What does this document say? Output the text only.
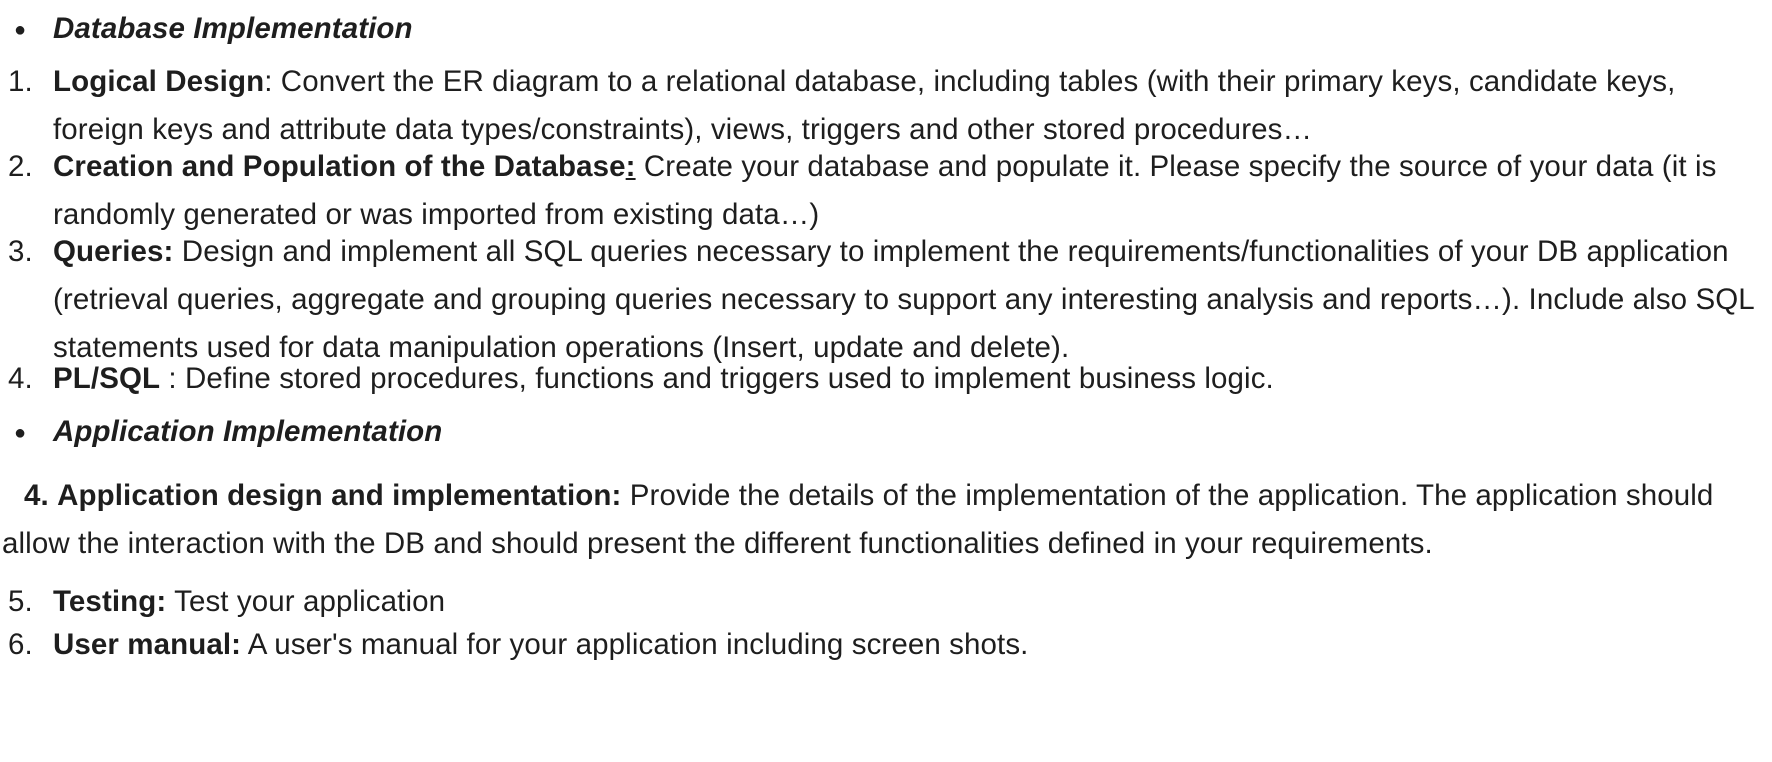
● Database Implementation
1. Logical Design: Convert the ER diagram to a relational database, including tables (with their primary keys, candidate keys, foreign keys and attribute data types/constraints), views, triggers and other stored procedures…
2. Creation and Population of the Database: Create your database and populate it. Please specify the source of your data (it is randomly generated or was imported from existing data…)
3. Queries: Design and implement all SQL queries necessary to implement the requirements/functionalities of your DB application (retrieval queries, aggregate and grouping queries necessary to support any interesting analysis and reports…). Include also SQL statements used for data manipulation operations (Insert, update and delete).
4. PL/SQL : Define stored procedures, functions and triggers used to implement business logic.
● Application Implementation
4. Application design and implementation: Provide the details of the implementation of the application. The application should allow the interaction with the DB and should present the different functionalities defined in your requirements.
5. Testing: Test your application
6. User manual: A user's manual for your application including screen shots.
